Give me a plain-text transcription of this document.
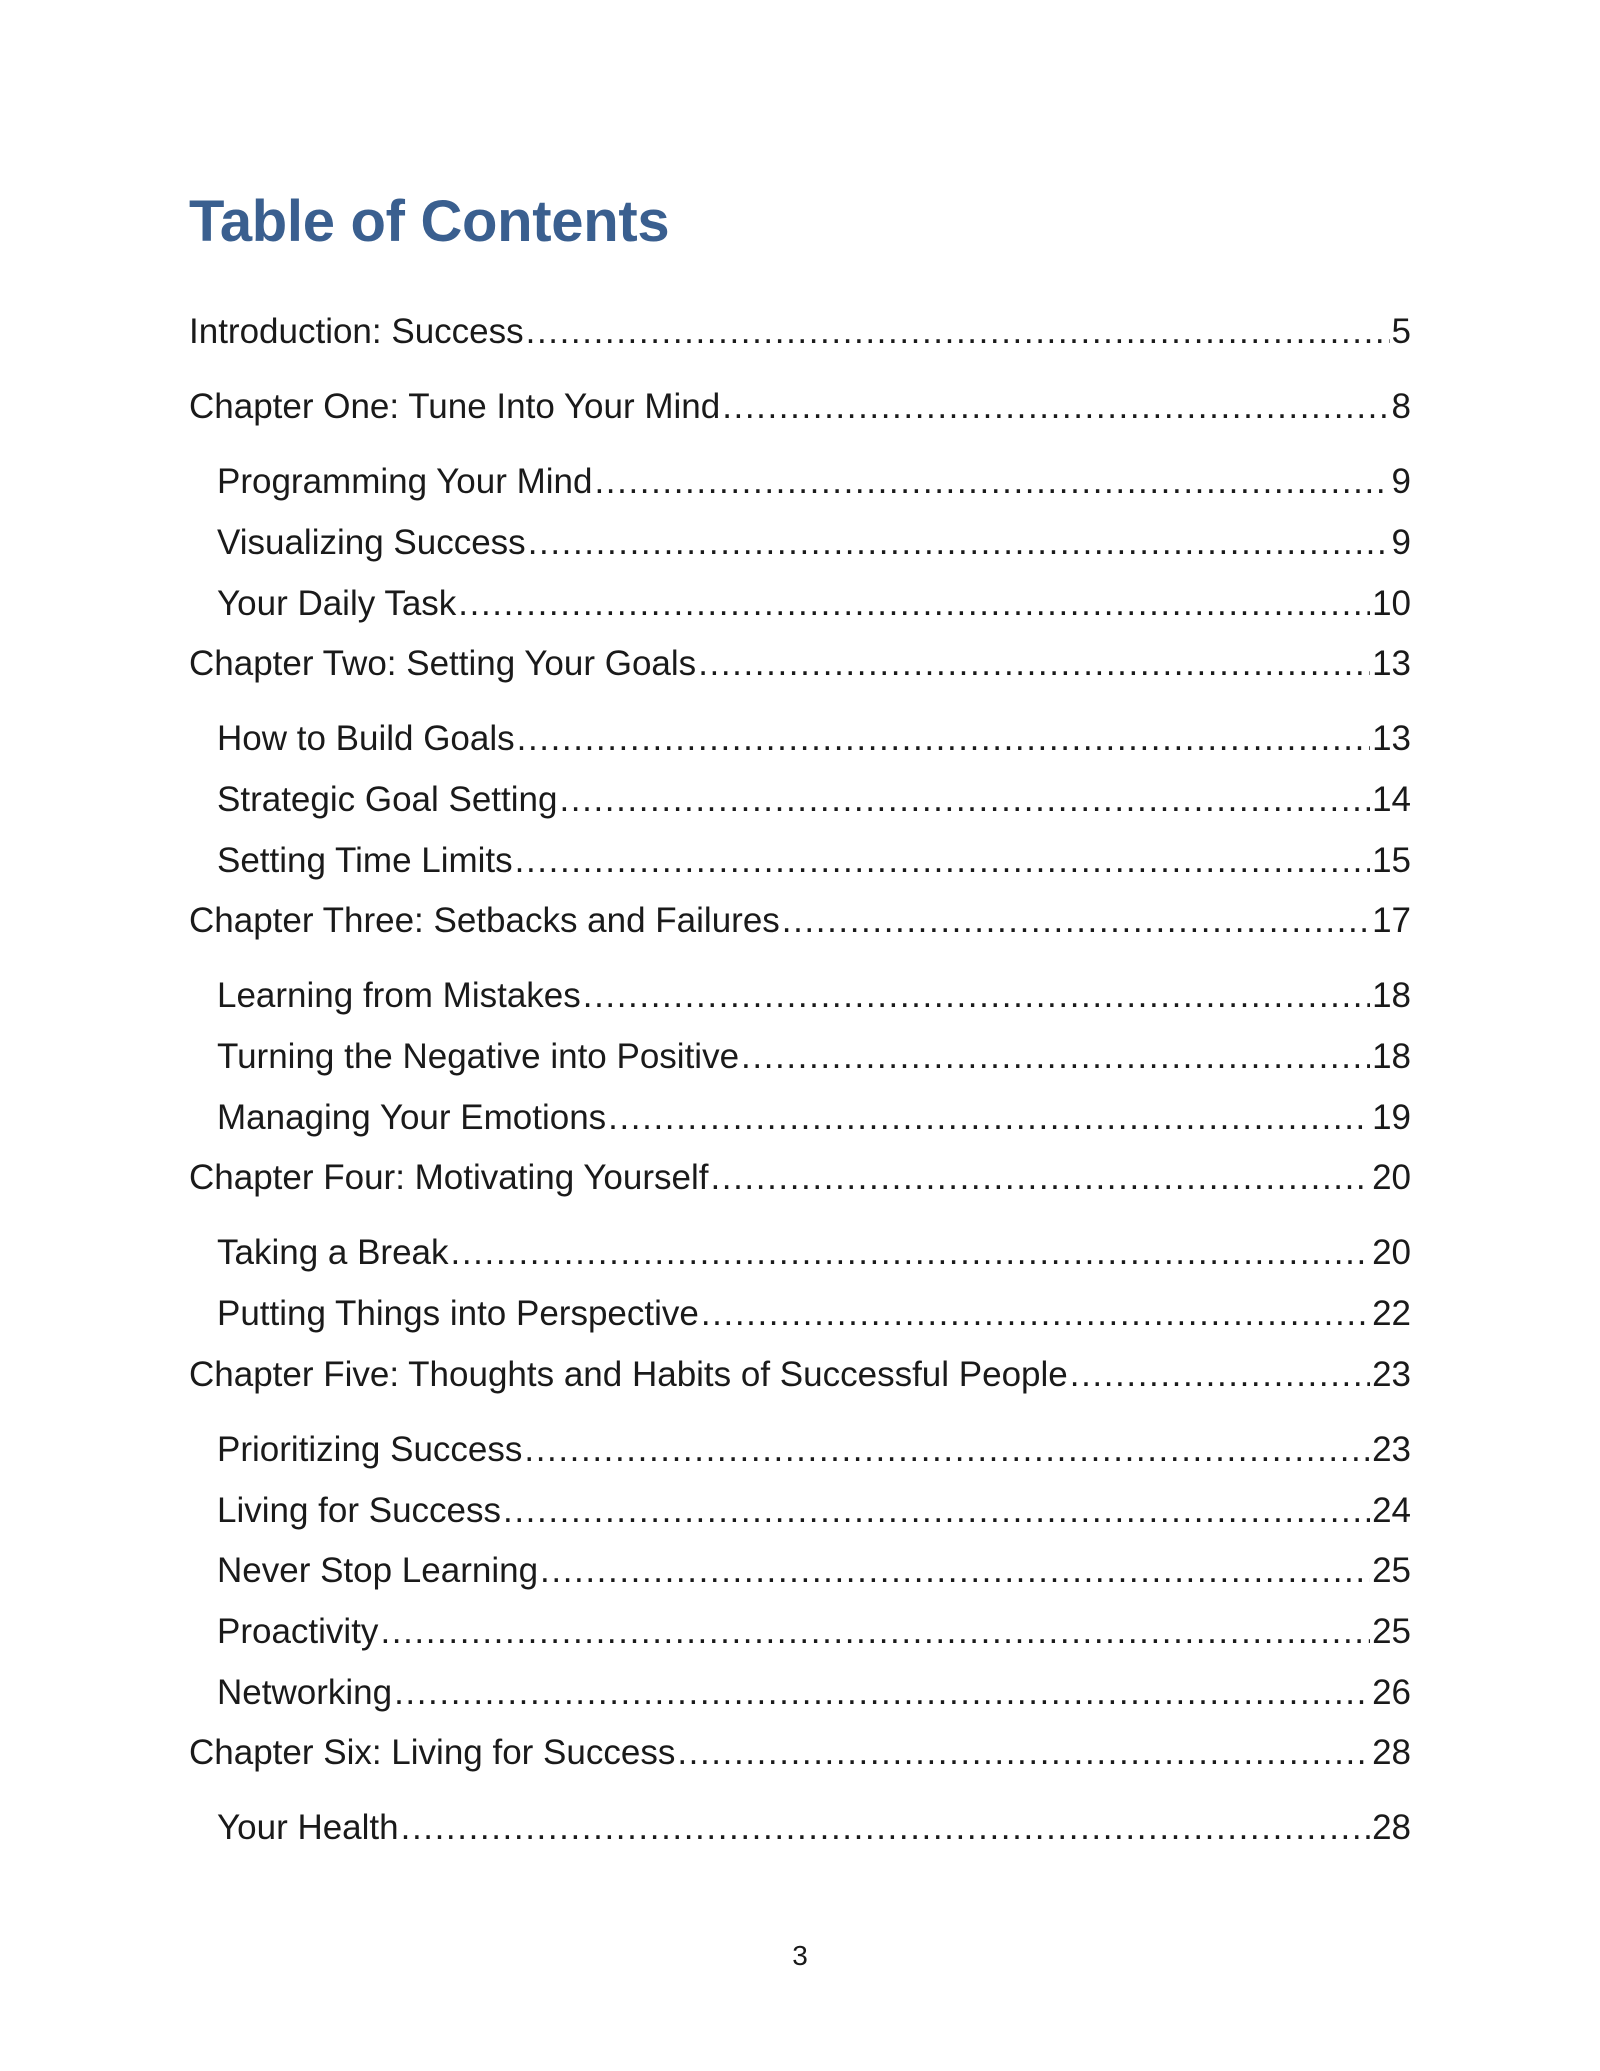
Table of Contents
Introduction: Success .....	5
Chapter One: Tune Into Your Mind .....	8
Programming Your Mind .....	9
Visualizing Success .....	9
Your Daily Task .....	10
Chapter Two: Setting Your Goals .....	13
How to Build Goals .....	13
Strategic Goal Setting .....	14
Setting Time Limits .....	15
Chapter Three: Setbacks and Failures .....	17
Learning from Mistakes .....	18
Turning the Negative into Positive .....	18
Managing Your Emotions .....	19
Chapter Four: Motivating Yourself .....	20
Taking a Break .....	20
Putting Things into Perspective .....	22
Chapter Five: Thoughts and Habits of Successful People .....	23
Prioritizing Success .....	23
Living for Success .....	24
Never Stop Learning .....	25
Proactivity .....	25
Networking .....	26
Chapter Six: Living for Success .....	28
Your Health .....	28
3
